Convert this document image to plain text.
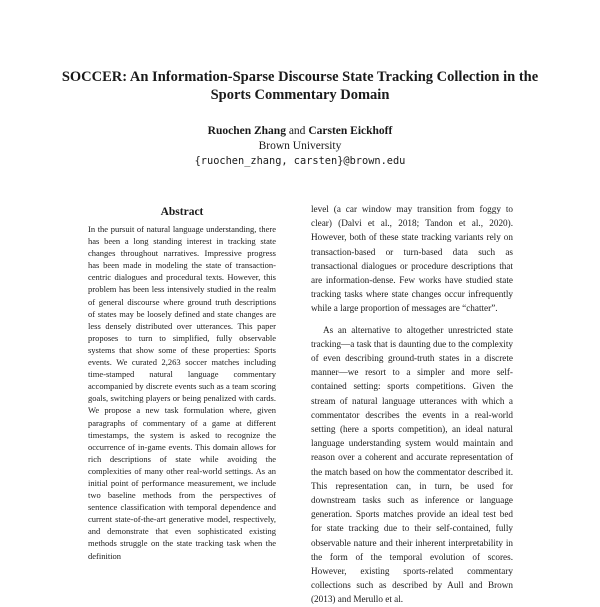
SOCCER: An Information-Sparse Discourse State Tracking Collection in the Sports Commentary Domain
Ruochen Zhang and Carsten Eickhoff
Brown University
{ruochen_zhang, carsten}@brown.edu
Abstract

In the pursuit of natural language understanding, there has been a long standing interest in tracking state changes throughout narratives. Impressive progress has been made in modeling the state of transaction-centric dialogues and procedural texts. However, this problem has been less intensively studied in the realm of general discourse where ground truth descriptions of states may be loosely defined and state changes are less densely distributed over utterances. This paper proposes to turn to simplified, fully observable systems that show some of these properties: Sports events. We curated 2,263 soccer matches including time-stamped natural language commentary accompanied by discrete events such as a team scoring goals, switching players or being penalized with cards. We propose a new task formulation where, given paragraphs of commentary of a game at different timestamps, the system is asked to recognize the occurrence of in-game events. This domain allows for rich descriptions of state while avoiding the complexities of many other real-world settings. As an initial point of performance measurement, we include two baseline methods from the perspectives of sentence classification with temporal dependence and current state-of-the-art generative model, respectively, and demonstrate that even sophisticated existing methods struggle on the state tracking task when the definition

level (a car window may transition from foggy to clear) (Dalvi et al., 2018; Tandon et al., 2020). However, both of these state tracking variants rely on transaction-based or turn-based data such as transactional dialogues or procedure descriptions that are information-dense. Few works have studied state tracking tasks where state changes occur infrequently while a large proportion of messages are “chatter”.

As an alternative to altogether unrestricted state tracking—a task that is daunting due to the complexity of even describing ground-truth states in a discrete manner—we resort to a simpler and more self-contained setting: sports competitions. Given the stream of natural language utterances with which a commentator describes the events in a real-world setting (here a sports competition), an ideal natural language understanding system would maintain and reason over a coherent and accurate representation of the match based on how the commentator described it. This representation can, in turn, be used for downstream tasks such as inference or language generation. Sports matches provide an ideal test bed for state tracking due to their self-contained, fully observable nature and their inherent interpretability in the form of the temporal evolution of scores. However, existing sports-related commentary collections such as described by Aull and Brown (2013) and Merullo et al.
